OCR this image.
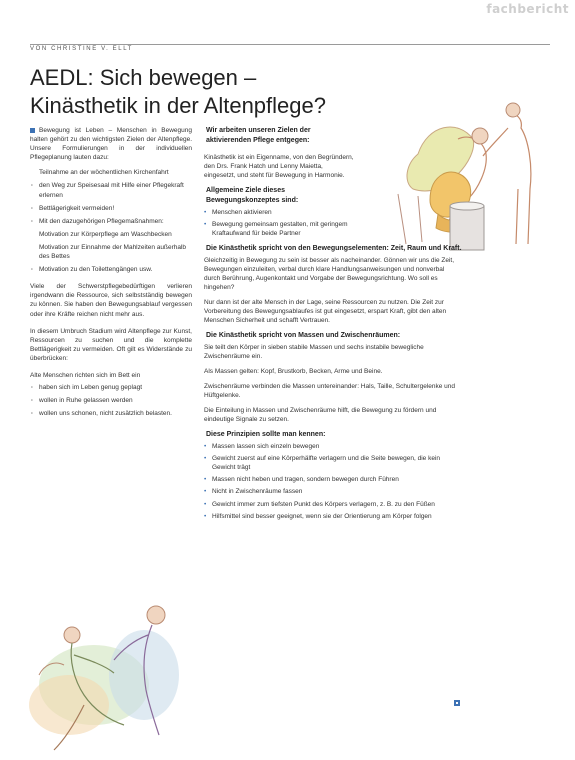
fachbericht
VON CHRISTINE V. ELLT
AEDL: Sich bewegen –
Kinästhetik in der Altenpflege?

Bewegung ist Leben – Menschen in Bewegung halten gehört zu den wichtigsten Zielen der Altenpflege. Unsere Formulierungen in der individuellen Pflegeplanung lauten dazu:

Teilnahme an der wöchentlichen Kirchenfahrt
· den Weg zur Speisesaal mit Hilfe einer Pflegekraft erlernen
· Bettlägerigkeit vermeiden!
· Mit den dazugehörigen Pflegemaßnahmen:
Motivation zur Körperpflege am Waschbecken
Motivation zur Einnahme der Mahlzeiten außerhalb des Bettes
· Motivation zu den Toilettengängen usw.

Viele der Schwerstpflegebedürftigen verlieren irgendwann die Ressource, sich selbstständig bewegen zu können. Sie haben den Bewegungsablauf vergessen oder ihre Kräfte reichen nicht mehr aus.

In diesem Umbruch Stadium wird Altenpflege zur Kunst, Ressourcen zu suchen und die komplette Bettlägerigkeit zu vermeiden. Oft gilt es Widerstände zu überbrücken:

Alte Menschen richten sich im Bett ein

· haben sich im Leben genug geplagt
· wollen in Ruhe gelassen werden
· wollen uns schonen, nicht zusätzlich belasten.
Wir arbeiten unseren Zielen der aktivierenden Pflege entgegen:

Kinästhetik ist ein Eigenname, von den Begründern, den Drs. Frank Hatch und Lenny Maietta, eingesetzt, und steht für Bewegung in Harmonie.

Allgemeine Ziele dieses Bewegungskonzeptes sind:
• Menschen aktivieren
• Bewegung gemeinsam gestalten, mit geringem Kraftaufwand für beide Partner
Die Kinästhetik spricht von den Bewegungselementen: Zeit, Raum und Kraft.

Gleichzeitig in Bewegung zu sein ist besser als nacheinander. Gönnen wir uns die Zeit, Bewegungen einzuleiten, verbal durch klare Handlungsanweisungen und nonverbal durch Berührung, Augenkontakt und Vorgabe der Bewegungsrichtung. Wo soll es hingehen?

Nur dann ist der alte Mensch in der Lage, seine Ressourcen zu nutzen. Die Zeit zur Vorbereitung des Bewegungsablaufes ist gut eingesetzt, erspart Kraft, gibt den alten Menschen Sicherheit und schafft Vertrauen.

Die Kinästhetik spricht von Massen und Zwischenräumen:

Sie teilt den Körper in sieben stabile Massen und sechs instabile bewegliche Zwischenräume ein.

Als Massen gelten: Kopf, Brustkorb, Becken, Arme und Beine.

Zwischenräume verbinden die Massen untereinander: Hals, Taille, Schultergelenke und Hüftgelenke.

Die Einteilung in Massen und Zwischenräume hilft, die Bewegung zu fördern und eindeutige Signale zu setzen.

Diese Prinzipien sollte man kennen:
• Massen lassen sich einzeln bewegen
• Gewicht zuerst auf eine Körperhälfte verlagern und die Seite bewegen, die kein Gewicht trägt
• Massen nicht heben und tragen, sondern bewegen durch Führen
• Nicht in Zwischenräume fassen
• Gewicht immer zum tiefsten Punkt des Körpers verlagern, z. B. zu den Füßen
• Hilfsmittel sind besser geeignet, wenn sie der Orientierung am Körper folgen
